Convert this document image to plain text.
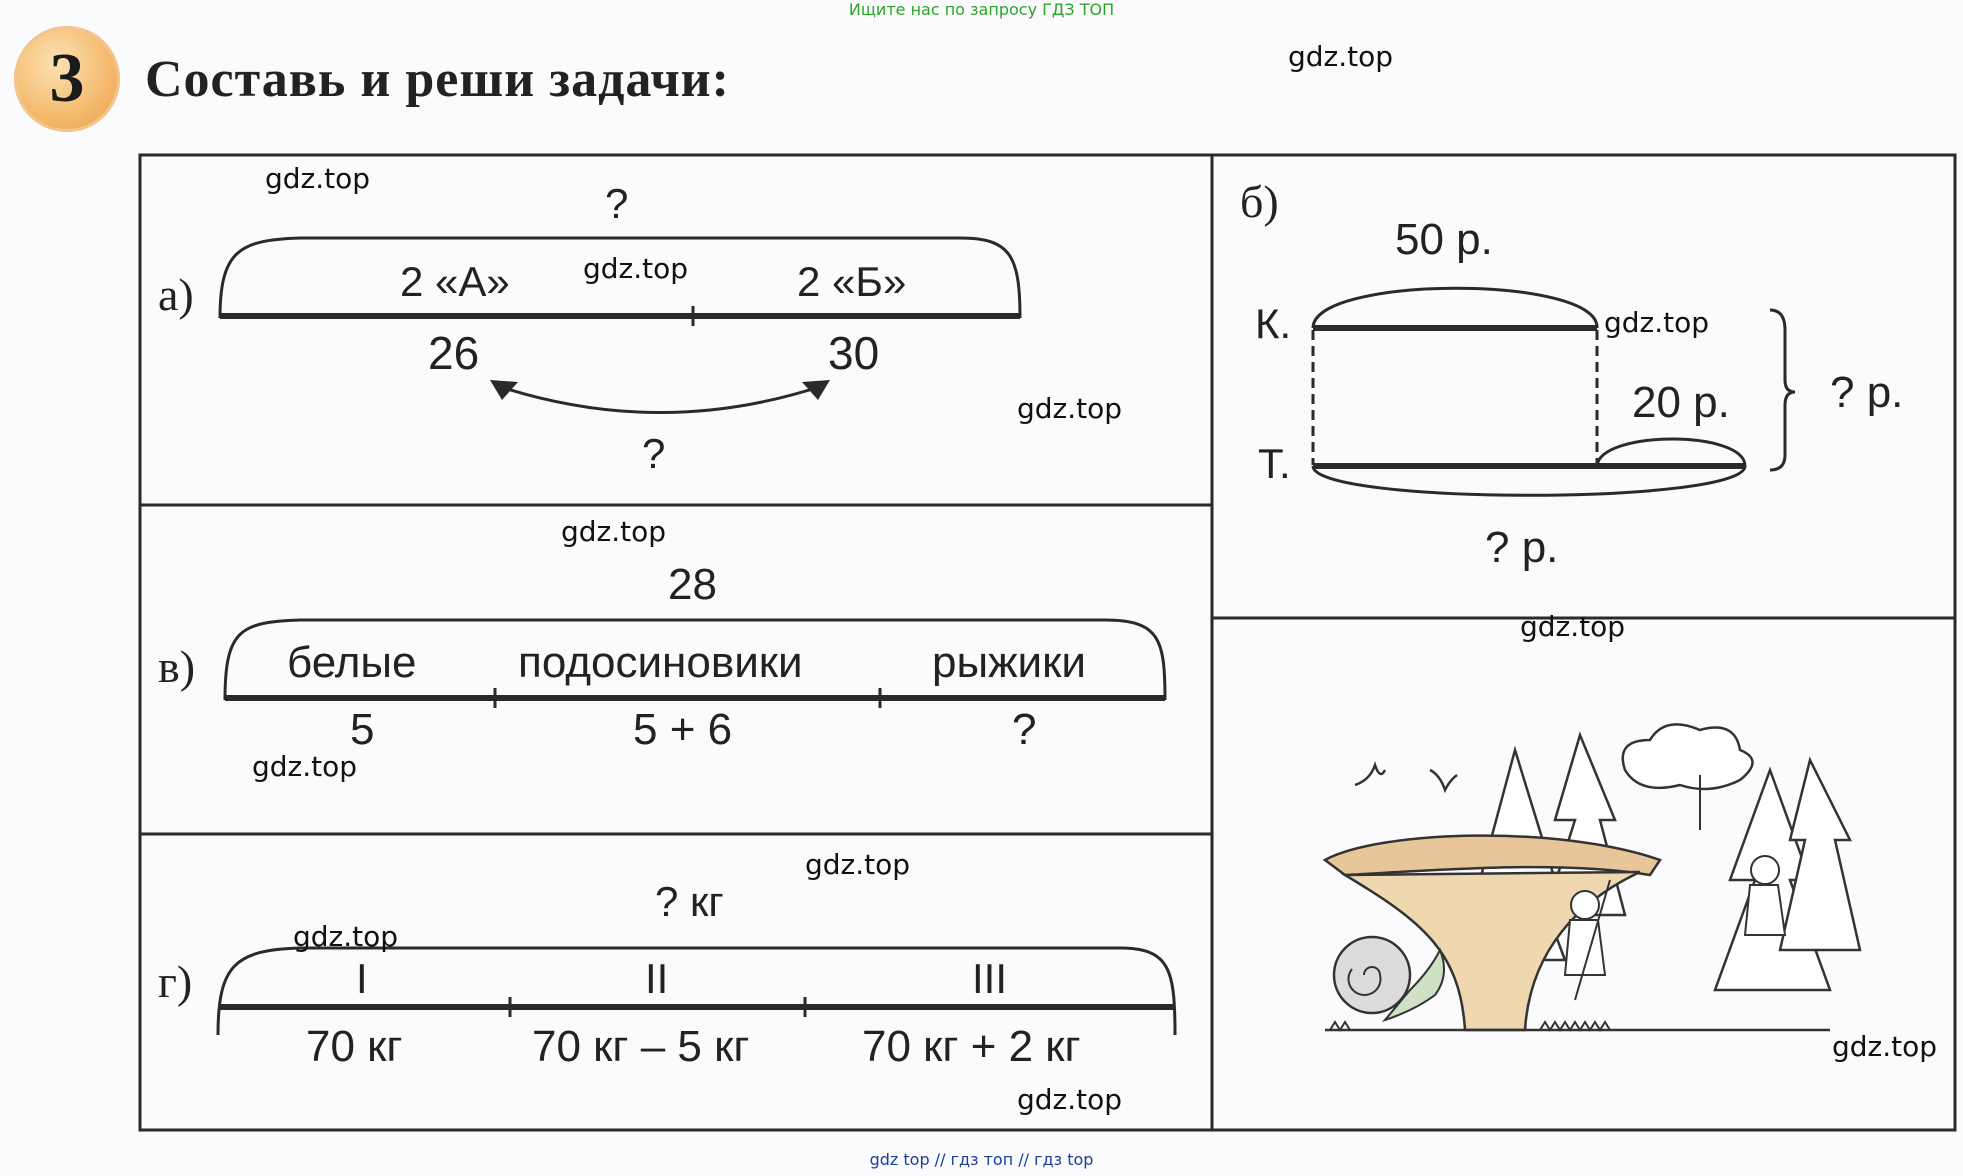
Ищите нас по запросу ГДЗ ТОП
gdz top // гдз топ // гдз top
3	Составь и реши задачи:
а)
?
2 «А»	2 «Б»
26	30
?
б)
50 р.
К.
Т.
20 р. ? р.
? р.
в)
28
белые подосиновики	рыжики
5	5 + 6	?
г)
? кг
I	II	III
70 кг	70 кг – 5 кг	70 кг + 2 кг
gdz.top
gdz.top
gdz.top
gdz.top
gdz.top
gdz.top
gdz.top
gdz.top
gdz.top
gdz.top
gdz.top
gdz.top
